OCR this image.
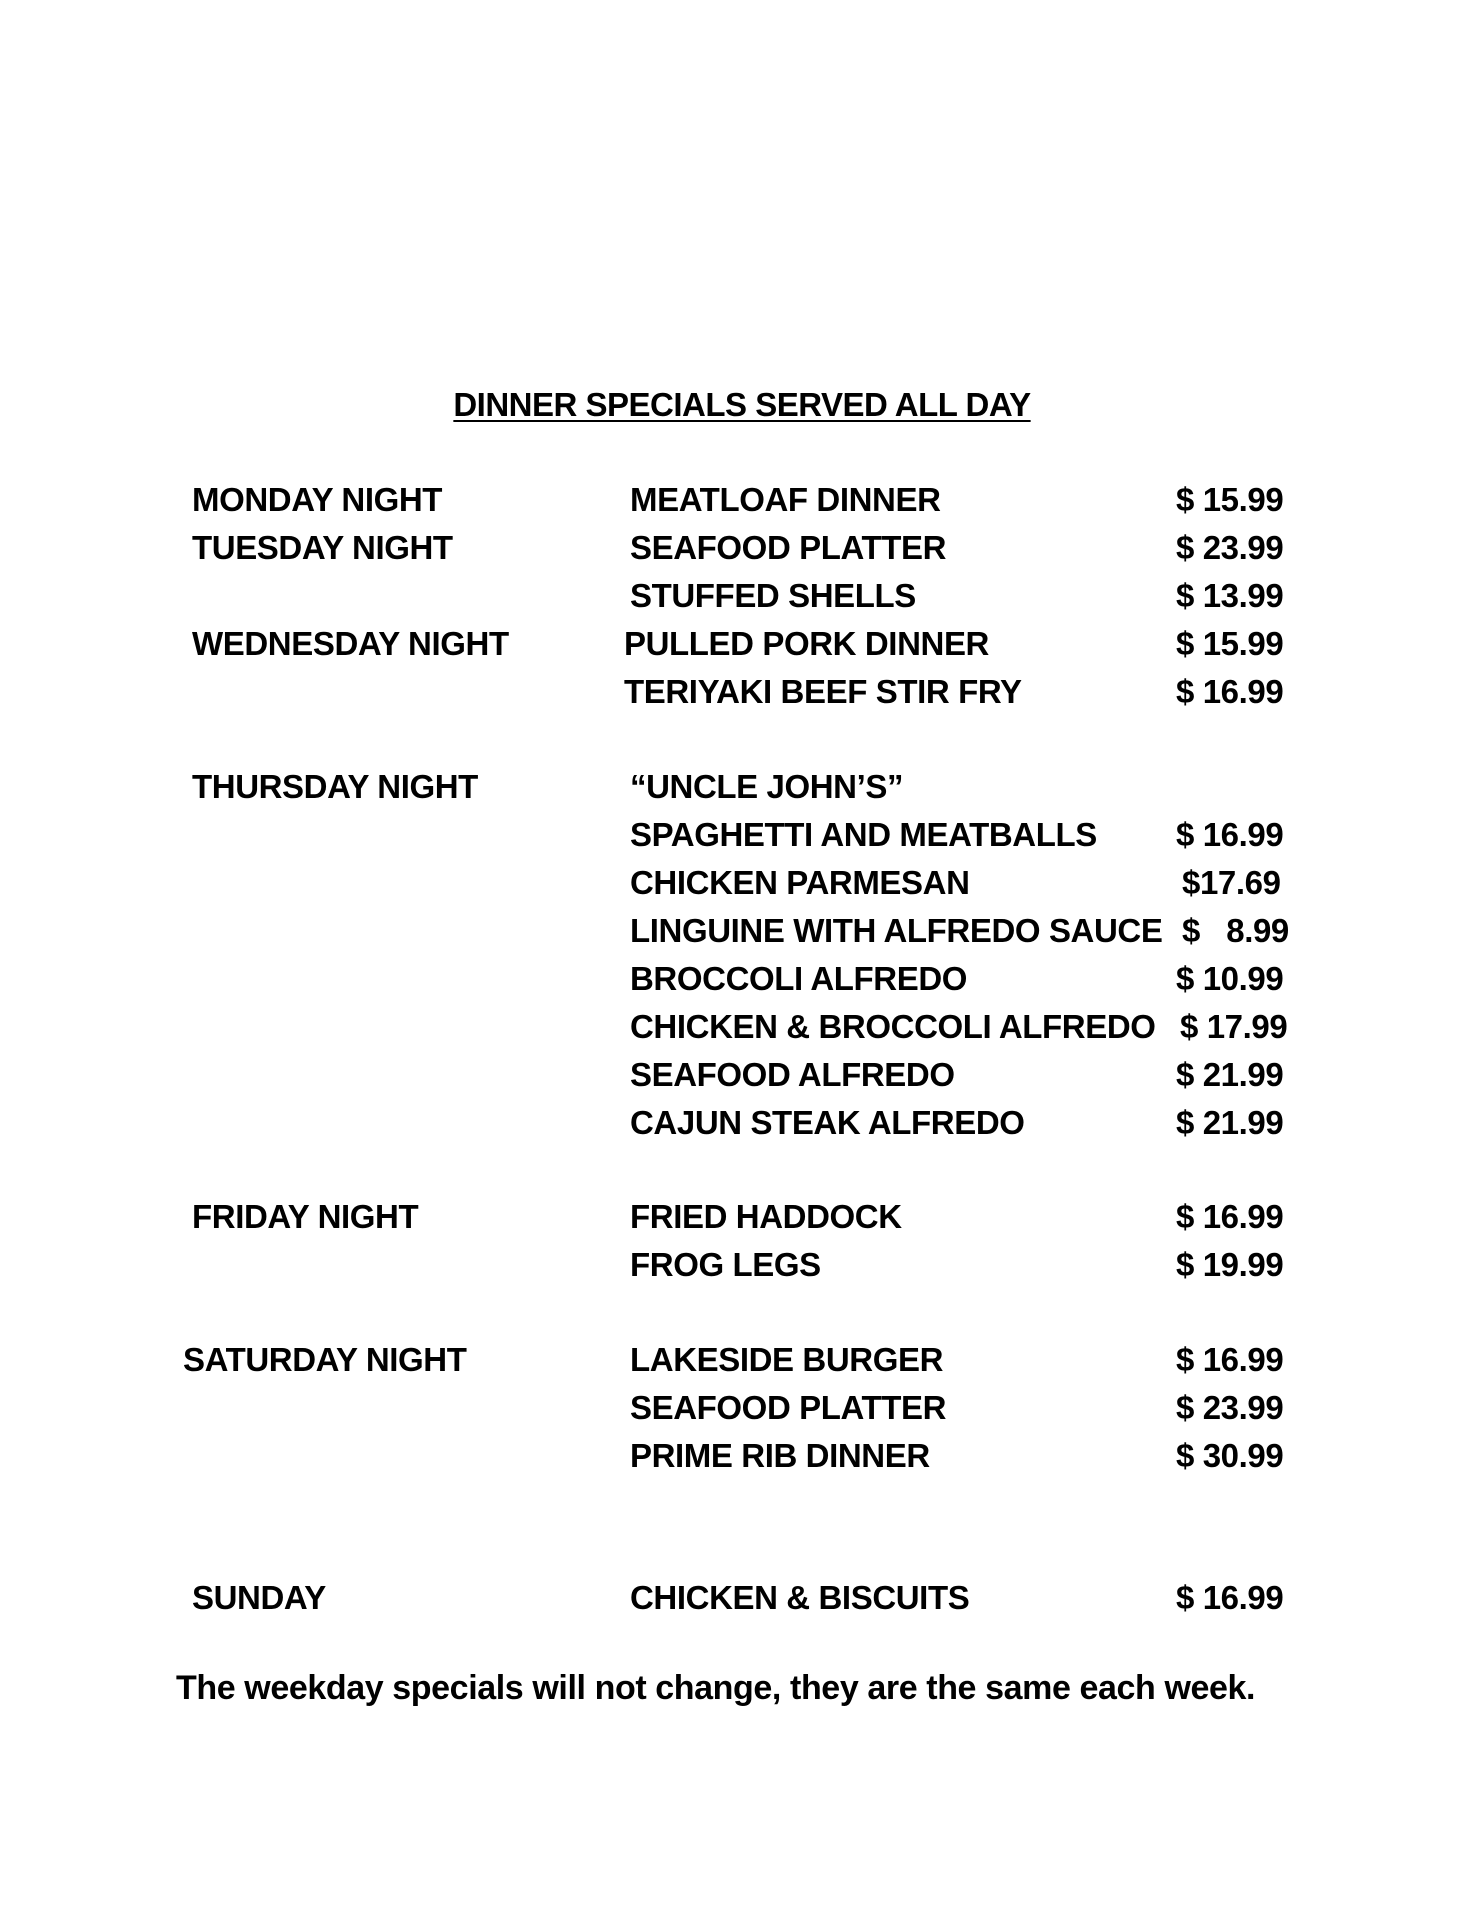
DINNER SPECIALS SERVED ALL DAY
MONDAY NIGHT	MEATLOAF DINNER	$ 15.99
TUESDAY NIGHT	SEAFOOD PLATTER	$ 23.99
STUFFED SHELLS	$ 13.99
WEDNESDAY NIGHT	PULLED PORK DINNER	$ 15.99
TERIYAKI BEEF STIR FRY	$ 16.99
THURSDAY NIGHT	“UNCLE JOHN’S”
SPAGHETTI AND MEATBALLS $ 16.99
CHICKEN PARMESAN	$17.69
LINGUINE WITH ALFREDO SAUCE $   8.99
BROCCOLI ALFREDO	$ 10.99
CHICKEN & BROCCOLI ALFREDO $ 17.99
SEAFOOD ALFREDO	$ 21.99
CAJUN STEAK ALFREDO	$ 21.99
FRIDAY NIGHT	FRIED HADDOCK	$ 16.99
FROG LEGS	$ 19.99
SATURDAY NIGHT	LAKESIDE BURGER	$ 16.99
SEAFOOD PLATTER	$ 23.99
PRIME RIB DINNER	$ 30.99
SUNDAY	CHICKEN & BISCUITS	$ 16.99
The weekday specials will not change, they are the same each week.
